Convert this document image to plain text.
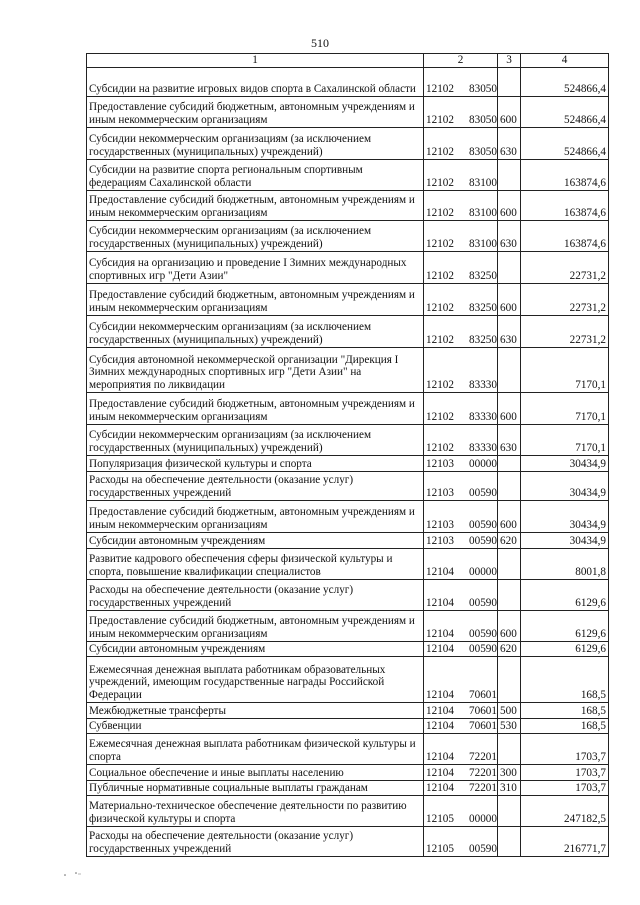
510
1	2	3	4
Субсидии на развитие игровых видов спорта в Сахалинской области	12102 83050		524866,4
Предоставление субсидий бюджетным, автономным учреждениям и иным некоммерческим организациям	12102 83050	600	524866,4
Субсидии некоммерческим организациям (за исключением государственных (муниципальных) учреждений)	12102 83050	630	524866,4
Субсидии на развитие спорта региональным спортивным федерациям Сахалинской области	12102 83100		163874,6
Предоставление субсидий бюджетным, автономным учреждениям и иным некоммерческим организациям	12102 83100	600	163874,6
Субсидии некоммерческим организациям (за исключением государственных (муниципальных) учреждений)	12102 83100	630	163874,6
Субсидия на организацию и проведение I Зимних международных спортивных игр "Дети Азии"	12102 83250		22731,2
Предоставление субсидий бюджетным, автономным учреждениям и иным некоммерческим организациям	12102 83250	600	22731,2
Субсидии некоммерческим организациям (за исключением государственных (муниципальных) учреждений)	12102 83250	630	22731,2
Субсидия автономной некоммерческой организации "Дирекция I Зимних международных спортивных игр "Дети Азии" на мероприятия по ликвидации	12102 83330		7170,1
Предоставление субсидий бюджетным, автономным учреждениям и иным некоммерческим организациям	12102 83330	600	7170,1
Субсидии некоммерческим организациям (за исключением государственных (муниципальных) учреждений)	12102 83330	630	7170,1
Популяризация физической культуры и спорта	12103 00000		30434,9
Расходы на обеспечение деятельности (оказание услуг) государственных учреждений	12103 00590		30434,9
Предоставление субсидий бюджетным, автономным учреждениям и иным некоммерческим организациям	12103 00590	600	30434,9
Субсидии автономным учреждениям	12103 00590	620	30434,9
Развитие кадрового обеспечения сферы физической культуры и спорта, повышение квалификации специалистов	12104 00000		8001,8
Расходы на обеспечение деятельности (оказание услуг) государственных учреждений	12104 00590		6129,6
Предоставление субсидий бюджетным, автономным учреждениям и иным некоммерческим организациям	12104 00590	600	6129,6
Субсидии автономным учреждениям	12104 00590	620	6129,6
Ежемесячная денежная выплата работникам образовательных учреждений, имеющим государственные награды Российской Федерации	12104 70601		168,5
Межбюджетные трансферты	12104 70601	500	168,5
Субвенции	12104 70601	530	168,5
Ежемесячная денежная выплата работникам физической культуры и спорта	12104 72201		1703,7
Социальное обеспечение и иные выплаты населению	12104 72201	300	1703,7
Публичные нормативные социальные выплаты гражданам	12104 72201	310	1703,7
Материально-техническое обеспечение деятельности по развитию физической культуры и спорта	12105 00000		247182,5
Расходы на обеспечение деятельности (оказание услуг) государственных учреждений	12105 00590		216771,7
